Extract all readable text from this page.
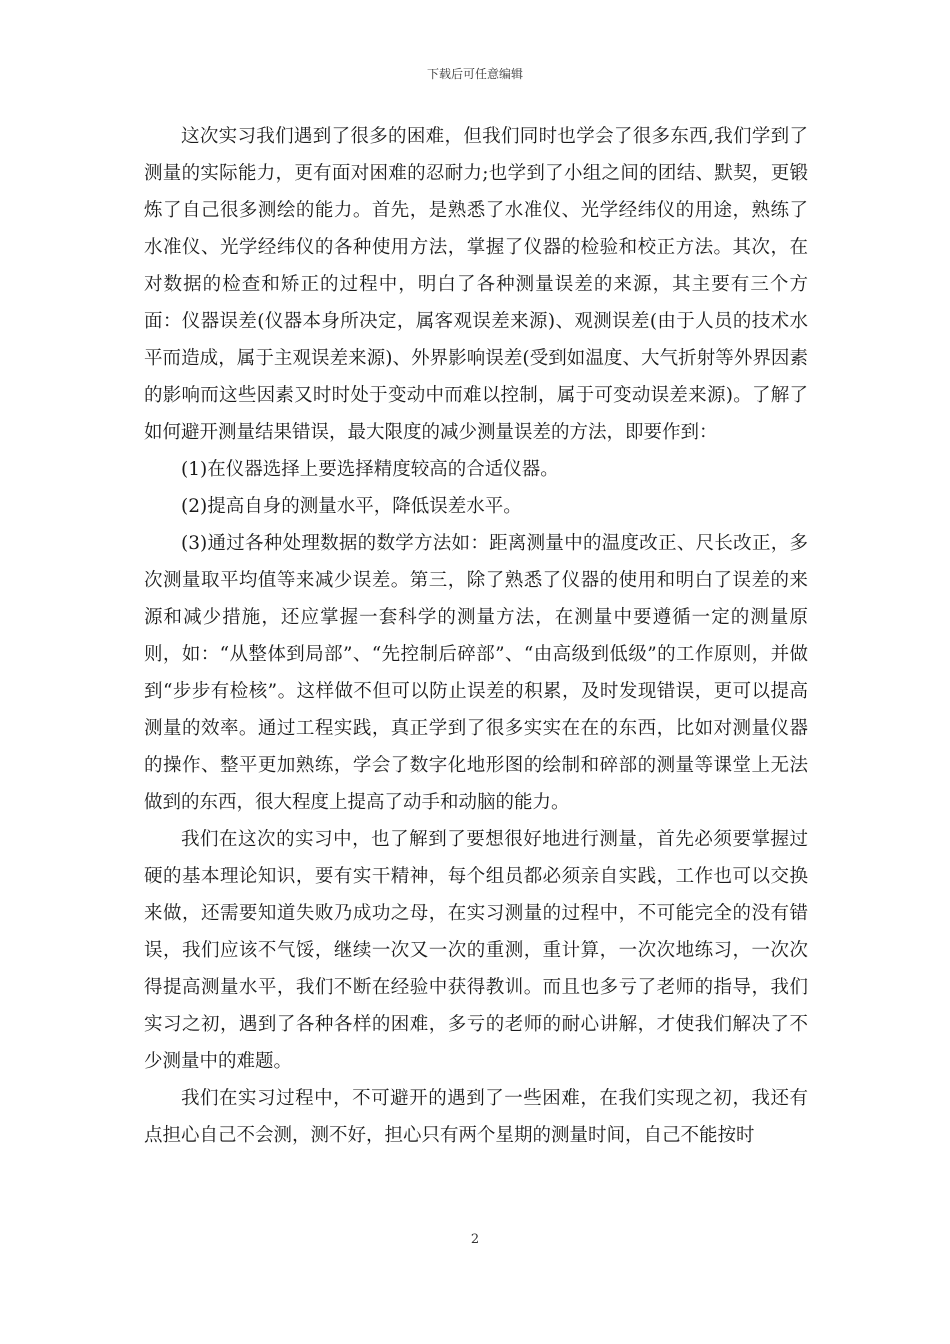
下载后可任意编辑

这次实习我们遇到了很多的困难，但我们同时也学会了很多东西,我们学到了测量的实际能力，更有面对困难的忍耐力;也学到了小组之间的团结、默契，更锻炼了自己很多测绘的能力。首先，是熟悉了水准仪、光学经纬仪的用途，熟练了水准仪、光学经纬仪的各种使用方法，掌握了仪器的检验和校正方法。其次，在对数据的检查和矫正的过程中，明白了各种测量误差的来源，其主要有三个方面：仪器误差(仪器本身所决定，属客观误差来源)、观测误差(由于人员的技术水平而造成，属于主观误差来源)、外界影响误差(受到如温度、大气折射等外界因素的影响而这些因素又时时处于变动中而难以控制，属于可变动误差来源)。了解了如何避开测量结果错误，最大限度的减少测量误差的方法，即要作到：

(1)在仪器选择上要选择精度较高的合适仪器。

(2)提高自身的测量水平，降低误差水平。

(3)通过各种处理数据的数学方法如：距离测量中的温度改正、尺长改正，多次测量取平均值等来减少误差。第三，除了熟悉了仪器的使用和明白了误差的来源和减少措施，还应掌握一套科学的测量方法，在测量中要遵循一定的测量原则，如：“从整体到局部”、“先控制后碎部”、“由高级到低级”的工作原则，并做到“步步有检核”。这样做不但可以防止误差的积累，及时发现错误，更可以提高测量的效率。通过工程实践，真正学到了很多实实在在的东西，比如对测量仪器的操作、整平更加熟练，学会了数字化地形图的绘制和碎部的测量等课堂上无法做到的东西，很大程度上提高了动手和动脑的能力。

我们在这次的实习中，也了解到了要想很好地进行测量，首先必须要掌握过硬的基本理论知识，要有实干精神，每个组员都必须亲自实践，工作也可以交换来做，还需要知道失败乃成功之母，在实习测量的过程中，不可能完全的没有错误，我们应该不气馁，继续一次又一次的重测，重计算，一次次地练习，一次次得提高测量水平，我们不断在经验中获得教训。而且也多亏了老师的指导，我们实习之初，遇到了各种各样的困难，多亏的老师的耐心讲解，才使我们解决了不少测量中的难题。

我们在实习过程中，不可避开的遇到了一些困难，在我们实现之初，我还有点担心自己不会测，测不好，担心只有两个星期的测量时间，自己不能按时

2
